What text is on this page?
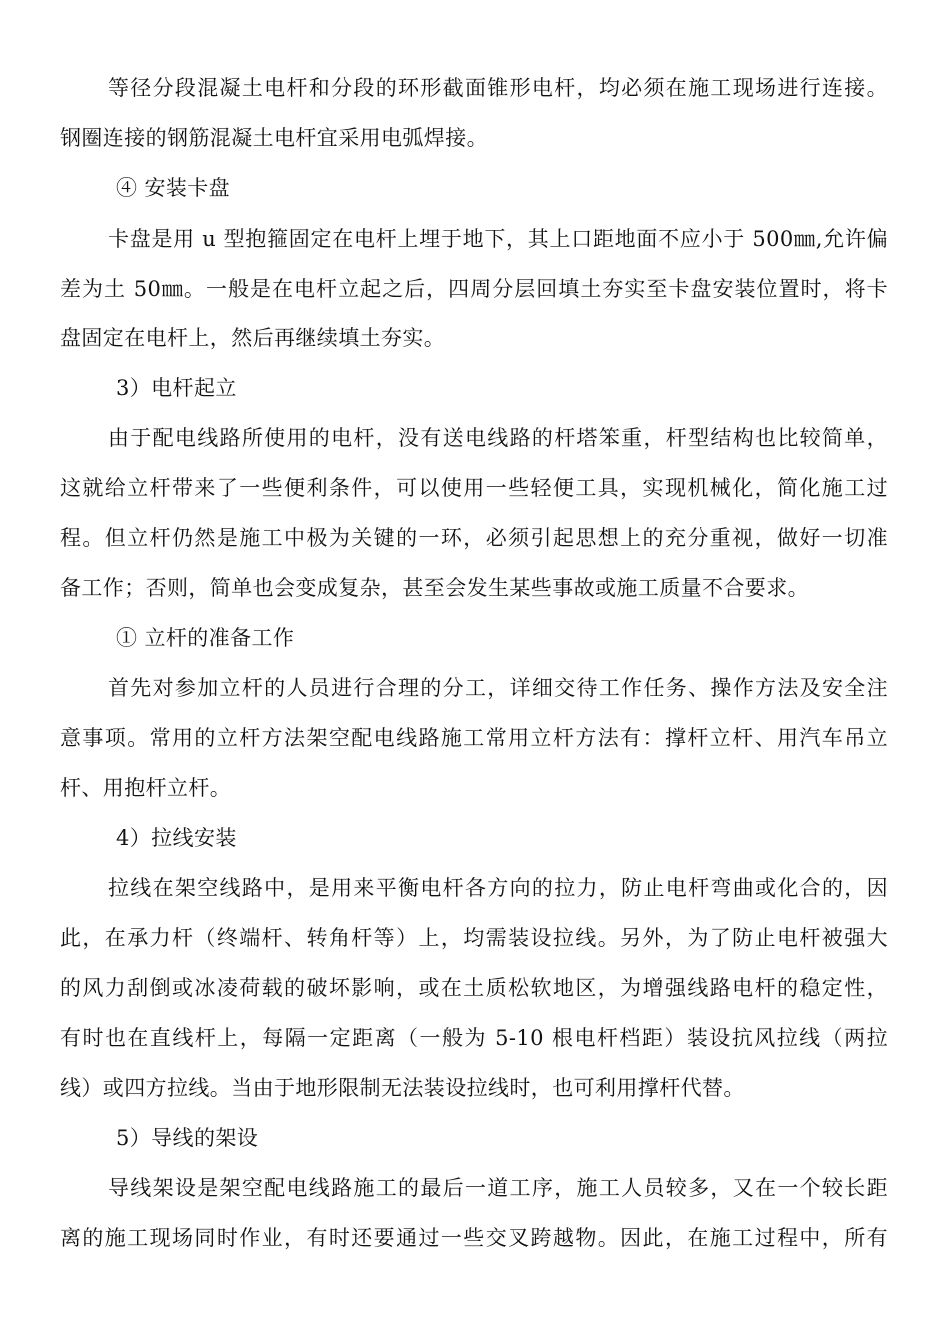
等径分段混凝土电杆和分段的环形截面锥形电杆，均必须在施工现场进行连接。
钢圈连接的钢筋混凝土电杆宜采用电弧焊接。
④ 安装卡盘
卡盘是用 u 型抱箍固定在电杆上埋于地下，其上口距地面不应小于 500㎜,允许偏
差为土 50㎜。一般是在电杆立起之后，四周分层回填土夯实至卡盘安装位置时，将卡
盘固定在电杆上，然后再继续填土夯实。
3）电杆起立
由于配电线路所使用的电杆，没有送电线路的杆塔笨重，杆型结构也比较简单，
这就给立杆带来了一些便利条件，可以使用一些轻便工具，实现机械化，简化施工过
程。但立杆仍然是施工中极为关键的一环，必须引起思想上的充分重视，做好一切准
备工作；否则，简单也会变成复杂，甚至会发生某些事故或施工质量不合要求。
① 立杆的准备工作
首先对参加立杆的人员进行合理的分工，详细交待工作任务、操作方法及安全注
意事项。常用的立杆方法架空配电线路施工常用立杆方法有：撑杆立杆、用汽车吊立
杆、用抱杆立杆。
4）拉线安装
拉线在架空线路中，是用来平衡电杆各方向的拉力，防止电杆弯曲或化合的，因
此，在承力杆（终端杆、转角杆等）上，均需装设拉线。另外，为了防止电杆被强大
的风力刮倒或冰凌荷载的破坏影响，或在土质松软地区，为增强线路电杆的稳定性，
有时也在直线杆上，每隔一定距离（一般为 5-10 根电杆档距）装设抗风拉线（两拉
线）或四方拉线。当由于地形限制无法装设拉线时，也可利用撑杆代替。
5）导线的架设
导线架设是架空配电线路施工的最后一道工序，施工人员较多，又在一个较长距
离的施工现场同时作业，有时还要通过一些交叉跨越物。因此，在施工过程中，所有
